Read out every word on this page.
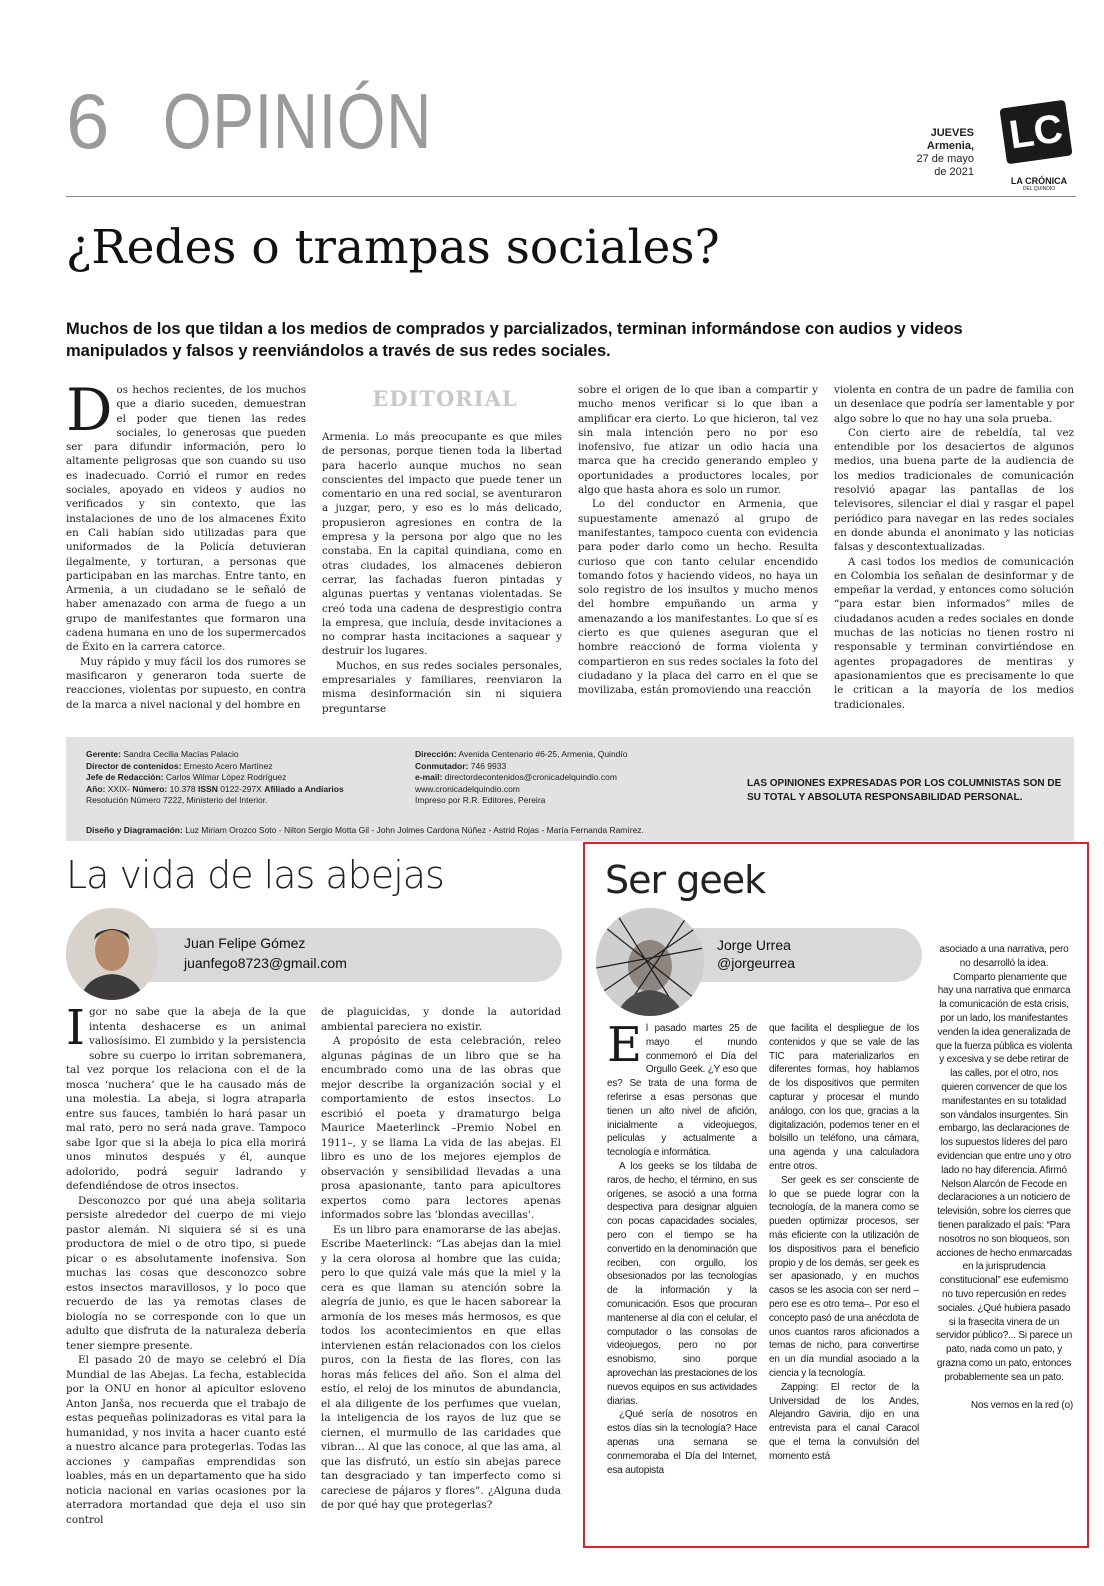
6 OPINIÓN	JUEVES
Armenia,
27 de mayo
de 2021
LC
LA CRÓNICA
DEL QUINDÍO
¿Redes o trampas sociales?
Muchos de los que tildan a los medios de comprados y parcializados, terminan informándose con audios y videos manipulados y falsos y reenviándolos a través de sus redes sociales.
EDITORIAL

Dos hechos recientes, de los muchos que a diario suceden, demuestran el poder que tienen las redes sociales, lo generosas que pueden ser para difundir información, pero lo altamente peligrosas que son cuando su uso es inadecuado. Corrió el rumor en redes sociales, apoyado en videos y audios no verificados y sin contexto, que las instalaciones de uno de los almacenes Éxito en Cali habían sido utilizadas para que uniformados de la Policía detuvieran ilegalmente, y torturan, a personas que participaban en las marchas. Entre tanto, en Armenia, a un ciudadano se le señaló de haber amenazado con arma de fuego a un grupo de manifestantes que formaron una cadena humana en uno de los supermercados de Éxito en la carrera catorce.

Muy rápido y muy fácil los dos rumores se masificaron y generaron toda suerte de reacciones, violentas por supuesto, en contra de la marca a nivel nacional y del hombre en

Armenia. Lo más preocupante es que miles de personas, porque tienen toda la libertad para hacerlo aunque muchos no sean conscientes del impacto que puede tener un comentario en una red social, se aventuraron a juzgar, pero, y eso es lo más delicado, propusieron agresiones en contra de la empresa y la persona por algo que no les constaba. En la capital quindiana, como en otras ciudades, los almacenes debieron cerrar, las fachadas fueron pintadas y algunas puertas y ventanas violentadas. Se creó toda una cadena de desprestigio contra la empresa, que incluía, desde invitaciones a no comprar hasta incitaciones a saquear y destruir los lugares.

Muchos, en sus redes sociales personales, empresariales y familiares, reenviaron la misma desinformación sin ni siquiera preguntarse

sobre el origen de lo que iban a compartir y mucho menos verificar si lo que iban a amplificar era cierto. Lo que hicieron, tal vez sin mala intención pero no por eso inofensivo, fue atizar un odio hacia una marca que ha crecido generando empleo y oportunidades a productores locales, por algo que hasta ahora es solo un rumor.

Lo del conductor en Armenia, que supuestamente amenazó al grupo de manifestantes, tampoco cuenta con evidencia para poder darlo como un hecho. Resulta curioso que con tanto celular encendido tomando fotos y haciendo videos, no haya un solo registro de los insultos y mucho menos del hombre empuñando un arma y amenazando a los manifestantes. Lo que sí es cierto es que quienes aseguran que el hombre reaccionó de forma violenta y compartieron en sus redes sociales la foto del ciudadano y la placa del carro en el que se movilizaba, están promoviendo una reacción

violenta en contra de un padre de familia con un desenlace que podría ser lamentable y por algo sobre lo que no hay una sola prueba.

Con cierto aire de rebeldía, tal vez entendible por los desaciertos de algunos medios, una buena parte de la audiencia de los medios tradicionales de comunicación resolvió apagar las pantallas de los televisores, silenciar el dial y rasgar el papel periódico para navegar en las redes sociales en donde abunda el anonimato y las noticias falsas y descontextualizadas.

A casi todos los medios de comunicación en Colombia los señalan de desinformar y de empeñar la verdad, y entonces como solución “para estar bien informados” miles de ciudadanos acuden a redes sociales en donde muchas de las noticias no tienen rostro ni responsable y terminan convirtiéndose en agentes propagadores de mentiras y apasionamientos que es precisamente lo que le critican a la mayoría de los medios tradicionales.

Gerente: Sandra Cecilia Macías Palacio
Director de contenidos: Ernesto Acero Martínez
Jefe de Redacción: Carlos Wilmar López Rodríguez
Año: XXIX- Número: 10.378 ISSN 0122-297X Afiliado a Andiarios
Resolución Número 7222, Ministerio del Interior.
Dirección: Avenida Centenario #6-25, Armenia, Quindío
Conmutador: 746 9933
e-mail: directordecontenidos@cronicadelquindio.com
www.cronicadelquindio.com
Impreso por R.R. Editores, Pereira
Diseño y Diagramación: Luz Miriam Orozco Soto - Nilton Sergio Motta Gil - John Jolmes Cardona Núñez - Astrid Rojas - María Fernanda Ramírez.
LAS OPINIONES EXPRESADAS POR LOS COLUMNISTAS SON DE SU TOTAL Y ABSOLUTA RESPONSABILIDAD PERSONAL.
La vida de las abejas
Juan Felipe Gómez
juanfego8723@gmail.com

Igor no sabe que la abeja de la que intenta deshacerse es un animal valiosísimo. El zumbido y la persistencia sobre su cuerpo lo irritan sobremanera, tal vez porque los relaciona con el de la mosca ‘nuchera’ que le ha causado más de una molestia. La abeja, si logra atraparla entre sus fauces, también lo hará pasar un mal rato, pero no será nada grave. Tampoco sabe Igor que si la abeja lo pica ella morirá unos minutos después y él, aunque adolorido, podrá seguir ladrando y defendiéndose de otros insectos.

Desconozco por qué una abeja solitaria persiste alrededor del cuerpo de mi viejo pastor alemán. Ni siquiera sé si es una productora de miel o de otro tipo, si puede picar o es absolutamente inofensiva. Son muchas las cosas que desconozco sobre estos insectos maravillosos, y lo poco que recuerdo de las ya remotas clases de biología no se corresponde con lo que un adulto que disfruta de la naturaleza debería tener siempre presente.

El pasado 20 de mayo se celebró el Día Mundial de las Abejas. La fecha, establecida por la ONU en honor al apicultor esloveno Anton Janša, nos recuerda que el trabajo de estas pequeñas polinizadoras es vital para la humanidad, y nos invita a hacer cuanto esté a nuestro alcance para protegerlas. Todas las acciones y campañas emprendidas son loables, más en un departamento que ha sido noticia nacional en varias ocasiones por la aterradora mortandad que deja el uso sin control

de plaguicidas, y donde la autoridad ambiental pareciera no existir.

A propósito de esta celebración, releo algunas páginas de un libro que se ha encumbrado como una de las obras que mejor describe la organización social y el comportamiento de estos insectos. Lo escribió el poeta y dramaturgo belga Maurice Maeterlinck –Premio Nobel en 1911–, y se llama La vida de las abejas. El libro es uno de los mejores ejemplos de observación y sensibilidad llevadas a una prosa apasionante, tanto para apicultores expertos como para lectores apenas informados sobre las ‘blondas avecillas’.

Es un libro para enamorarse de las abejas. Escribe Maeterlinck: “Las abejas dan la miel y la cera olorosa al hombre que las cuida; pero lo que quizá vale más que la miel y la cera es que llaman su atención sobre la alegría de junio, es que le hacen saborear la armonía de los meses más hermosos, es que todos los acontecimientos en que ellas intervienen están relacionados con los cielos puros, con la fiesta de las flores, con las horas más felices del año. Son el alma del estío, el reloj de los minutos de abundancia, el ala diligente de los perfumes que vuelan, la inteligencia de los rayos de luz que se ciernen, el murmullo de las caridades que vibran... Al que las conoce, al que las ama, al que las disfrutó, un estío sin abejas parece tan desgraciado y tan imperfecto como si careciese de pájaros y flores”. ¿Alguna duda de por qué hay que protegerlas?

Ser geek
Jorge Urrea
@jorgeurrea

El pasado martes 25 de mayo el mundo conmemoró el Día del Orgullo Geek. ¿Y eso que es? Se trata de una forma de referirse a esas personas que tienen un alto nivel de afición, inicialmente a videojuegos, películas y actualmente a tecnología e informática.

A los geeks se los tildaba de raros, de hecho, el término, en sus orígenes, se asoció a una forma despectiva para designar alguien con pocas capacidades sociales, pero con el tiempo se ha convertido en la denominación que reciben, con orgullo, los obsesionados por las tecnologías de la información y la comunicación. Esos que procuran mantenerse al día con el celular, el computador o las consolas de videojuegos, pero no por esnobismo, sino porque aprovechan las prestaciones de los nuevos equipos en sus actividades diarias.

¿Qué sería de nosotros en estos días sin la tecnología? Hace apenas una semana se conmemoraba el Día del Internet, esa autopista

que facilita el despliegue de los contenidos y que se vale de las TIC para materializarlos en diferentes formas, hoy hablamos de los dispositivos que permiten capturar y procesar el mundo análogo, con los que, gracias a la digitalización, podemos tener en el bolsillo un teléfono, una cámara, una agenda y una calculadora entre otros.

Ser geek es ser consciente de lo que se puede lograr con la tecnología, de la manera como se pueden optimizar procesos, ser más eficiente con la utilización de los dispositivos para el beneficio propio y de los demás, ser geek es ser apasionado, y en muchos casos se les asocia con ser nerd –pero ese es otro tema–. Por eso el concepto pasó de una anécdota de unos cuantos raros aficionados a temas de nicho, para convertirse en un día mundial asociado a la ciencia y la tecnología.

Zapping: El rector de la Universidad de los Andes, Alejandro Gaviria, dijo en una entrevista para el canal Caracol que el tema la convulsión del momento está

asociado a una narrativa, pero no desarrolló la idea.

Comparto plenamente que hay una narrativa que enmarca la comunicación de esta crisis, por un lado, los manifestantes venden la idea generalizada de que la fuerza pública es violenta y excesiva y se debe retirar de las calles, por el otro, nos quieren convencer de que los manifestantes en su totalidad son vándalos insurgentes. Sin embargo, las declaraciones de los supuestos líderes del paro evidencian que entre uno y otro lado no hay diferencia. Afirmó Nelson Alarcón de Fecode en declaraciones a un noticiero de televisión, sobre los cierres que tienen paralizado el país: “Para nosotros no son bloqueos, son acciones de hecho enmarcadas en la jurisprudencia constitucional” ese eufemismo no tuvo repercusión en redes sociales. ¿Qué hubiera pasado si la frasecita vinera de un servidor público?... Si parece un pato, nada como un pato, y grazna como un pato, entonces probablemente sea un pato.

Nos vemos en la red (o)
